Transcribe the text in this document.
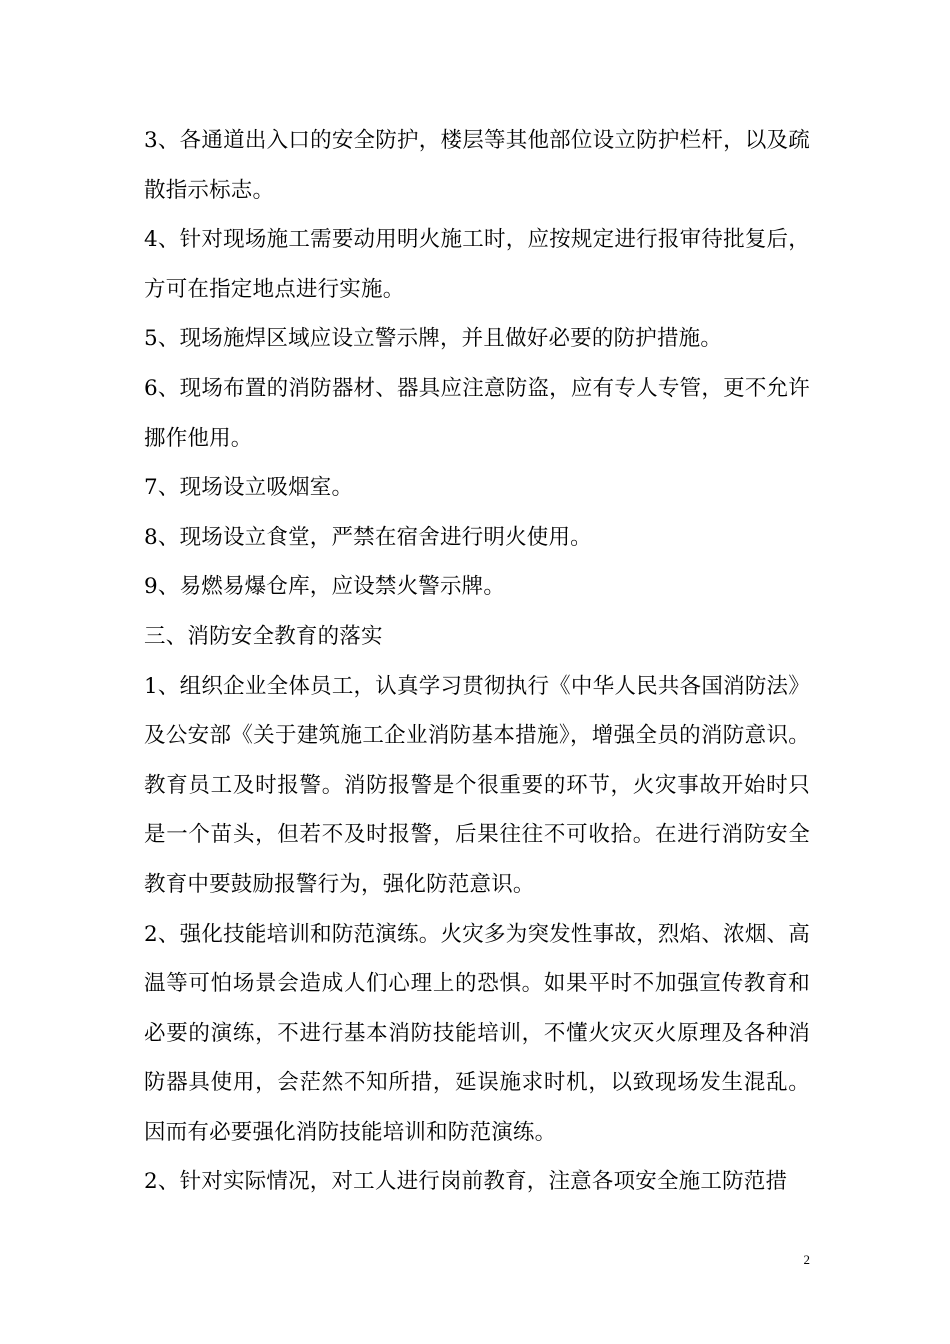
3、各通道出入口的安全防护，楼层等其他部位设立防护栏杆，以及疏散指示标志。

4、针对现场施工需要动用明火施工时，应按规定进行报审待批复后，方可在指定地点进行实施。

5、现场施焊区域应设立警示牌，并且做好必要的防护措施。

6、现场布置的消防器材、器具应注意防盗，应有专人专管，更不允许挪作他用。

7、现场设立吸烟室。

8、现场设立食堂，严禁在宿舍进行明火使用。

9、易燃易爆仓库，应设禁火警示牌。

三、消防安全教育的落实

1、组织企业全体员工，认真学习贯彻执行《中华人民共各国消防法》及公安部《关于建筑施工企业消防基本措施》，增强全员的消防意识。教育员工及时报警。消防报警是个很重要的环节，火灾事故开始时只是一个苗头，但若不及时报警，后果往往不可收拾。在进行消防安全教育中要鼓励报警行为，强化防范意识。

2、强化技能培训和防范演练。火灾多为突发性事故，烈焰、浓烟、高温等可怕场景会造成人们心理上的恐惧。如果平时不加强宣传教育和必要的演练，不进行基本消防技能培训，不懂火灾灭火原理及各种消防器具使用，会茫然不知所措，延误施求时机，以致现场发生混乱。因而有必要强化消防技能培训和防范演练。

2、针对实际情况，对工人进行岗前教育，注意各项安全施工防范措

2
